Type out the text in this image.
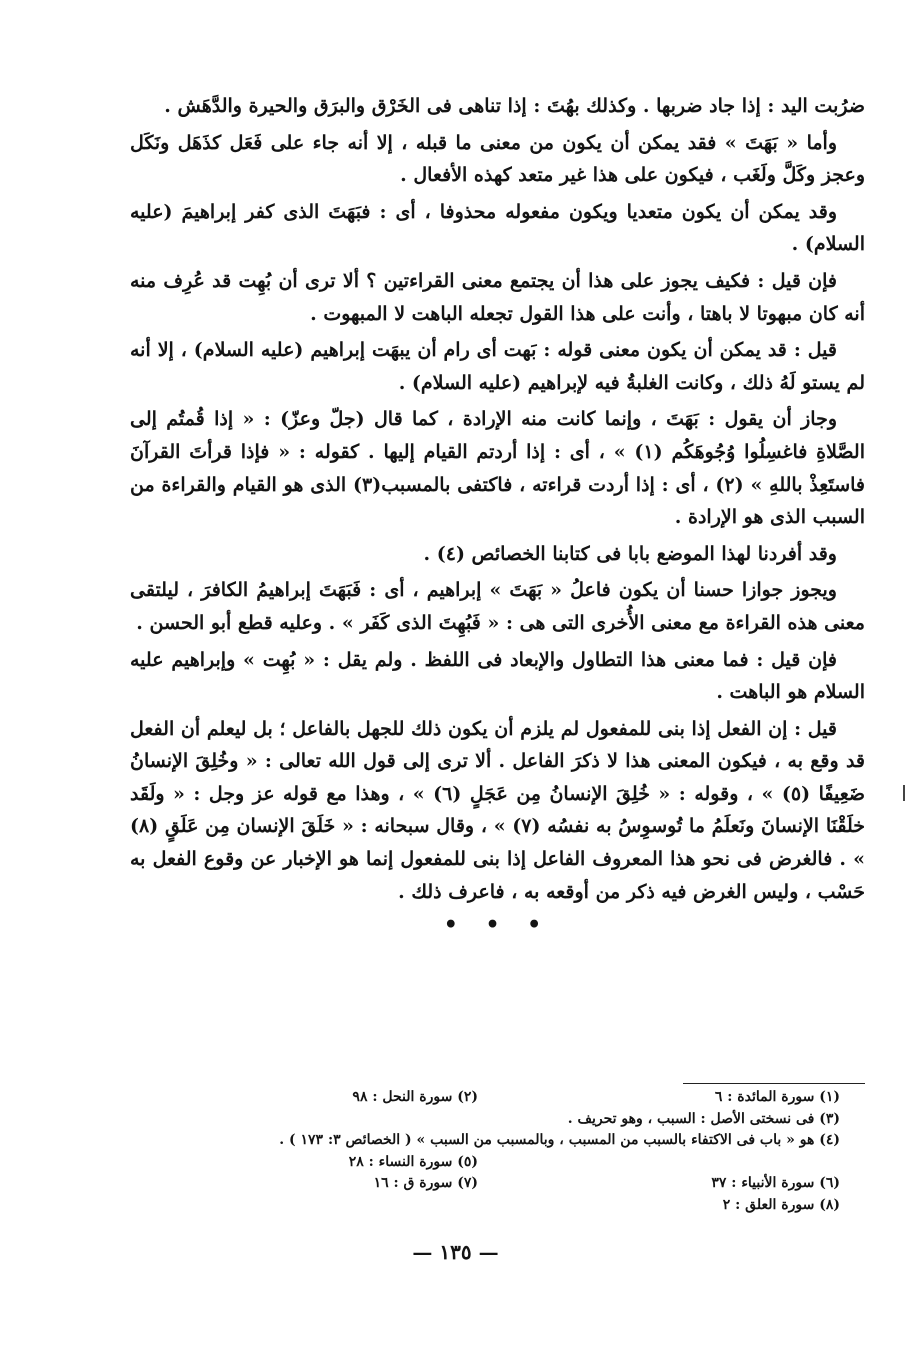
ضرُبت اليد : إذا جاد ضربها . وكذلك بهُتَ : إذا تناهى فى الخَرْق والبرَق والحيرة والدَّهَش .

وأما « بَهَتَ » فقد يمكن أن يكون من معنى ما قبله ، إلا أنه جاء على فَعَل كذَهَل ونَكَل وعجز وكَلَّ ولَغَب ، فيكون على هذا غير متعد كهذه الأفعال .

وقد يمكن أن يكون متعديا ويكون مفعوله محذوفا ، أى : فبَهَتَ الذى كفر إبراهيمَ (عليه السلام) .

فإن قيل : فكيف يجوز على هذا أن يجتمع معنى القراءتين ؟ ألا ترى أن بُهِت قد عُرِف منه أنه كان مبهوتا لا باهتا ، وأنت على هذا القول تجعله الباهت لا المبهوت .

قيل : قد يمكن أن يكون معنى قوله : بَهت أى رام أن يبهَت إبراهيم (عليه السلام) ، إلا أنه لم يستو لَهُ ذلك ، وكانت الغلبةُ فيه لإبراهيم (عليه السلام) .

وجاز أن يقول : بَهَتَ ، وإنما كانت منه الإرادة ، كما قال (جلّ وعزّ) : « إذا قُمتُم إلى الصَّلاةِ فاغسِلُوا وُجُوهَكُم (١) » ، أى : إذا أردتم القيام إليها . كقوله : « فإذا قرأتَ القرآنَ فاستَعِذْ باللهِ » (٢) ، أى : إذا أردت قراءته ، فاكتفى بالمسبب(٣) الذى هو القيام والقراءة من السبب الذى هو الإرادة .

وقد أفردنا لهذا الموضع بابا فى كتابنا الخصائص (٤) .

ويجوز جوازا حسنا أن يكون فاعلُ « بَهَتَ » إبراهيم ، أى : فَبَهَتَ إبراهيمُ الكافرَ ، ليلتقى معنى هذه القراءة مع معنى الأُخرى التى هى : « فَبُهِتَ الذى كَفَر » . وعليه قطع أبو الحسن .

فإن قيل : فما معنى هذا التطاول والإبعاد فى اللفظ . ولم يقل : « بُهِت » وإبراهيم عليه السلام هو الباهت .

قيل : إن الفعل إذا بنى للمفعول لم يلزم أن يكون ذلك للجهل بالفاعل ؛ بل ليعلم أن الفعل قد وقع به ، فيكون المعنى هذا لا ذكرَ الفاعل . ألا ترى إلى قول الله تعالى : « وخُلِقَ الإنسانُ ضَعِيفًا (٥) » ، وقوله : « خُلِقَ الإنسانُ مِن عَجَلٍ (٦) » ، وهذا مع قوله عز وجل : « ولَقَد خلَقْنَا الإنسانَ ونَعلَمُ ما تُوسوِسُ به نفسُه (٧) » ، وقال سبحانه : « خَلَقَ الإنسان مِن عَلَقٍ (٨) » . فالغرض فى نحو هذا المعروف الفاعل إذا بنى للمفعول إنما هو الإخبار عن وقوع الفعل به حَسْب ، وليس الغرض فيه ذكر من أوقعه به ، فاعرف ذلك .

• • •
(١) سورة المائدة : ٦
(٢) سورة النحل : ٩٨
(٣) فى نسختى الأصل : السبب ، وهو تحريف .
(٤) هو « باب فى الاكتفاء بالسبب من المسبب ، وبالمسبب من السبب » ( الخصائص ٣: ١٧٣ ) .
(٥) سورة النساء : ٢٨
(٦) سورة الأنبياء : ٣٧
(٧) سورة ق : ١٦
(٨) سورة العلق : ٢
— ١٣٥ —
